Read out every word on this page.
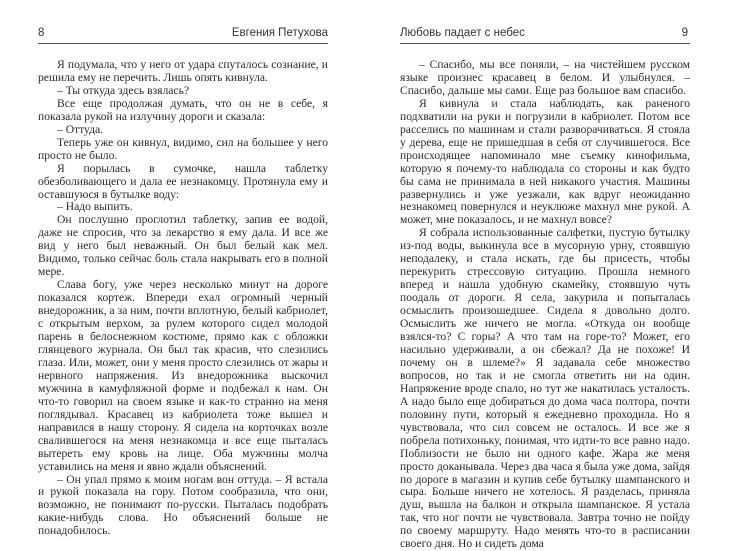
8	Евгения Петухова

Я подумала, что у него от удара спуталось сознание, и решила ему не перечить. Лишь опять кивнула.

– Ты откуда здесь взялась?

Все еще продолжая думать, что он не в себе, я показала рукой на излучину дороги и сказала:

– Оттуда.

Теперь уже он кивнул, видимо, сил на большее у него просто не было.

Я порылась в сумочке, нашла таблетку обезболивающего и дала ее незнакомцу. Протянула ему и оставшуюся в бутылке воду:

– Надо выпить.

Он послушно проглотил таблетку, запив ее водой, даже не спросив, что за лекарство я ему дала. И все же вид у него был неважный. Он был белый как мел. Видимо, только сейчас боль стала накрывать его в полной мере.

Слава богу, уже через несколько минут на дороге показался кортеж. Впереди ехал огромный черный внедорожник, а за ним, почти вплотную, белый кабриолет, с открытым верхом, за рулем которого сидел молодой парень в белоснежном костюме, прямо как с обложки глянцевого журнала. Он был так красив, что слезились глаза. Или, может, они у меня просто слезились от жары и нервного напряжения. Из внедорожника выскочил мужчина в камуфляжной форме и подбежал к нам. Он что-то говорил на своем языке и как-то странно на меня поглядывал. Красавец из кабриолета тоже вышел и направился в нашу сторону. Я сидела на корточках возле свалившегося на меня незнакомца и все еще пыталась вытереть ему кровь на лице. Оба мужчины молча уставились на меня и явно ждали объяснений.

– Он упал прямо к моим ногам вон оттуда. – Я встала и рукой показала на гору. Потом сообразила, что они, возможно, не понимают по-русски. Пыталась подобрать какие-нибудь слова. Но объяснений больше не понадобилось.

Любовь падает с небес	9

– Спасибо, мы все поняли, – на чистейшем русском языке произнес красавец в белом. И улыбнулся. – Спасибо, дальше мы сами. Еще раз большое вам спасибо.

Я кивнула и стала наблюдать, как раненого подхватили на руки и погрузили в кабриолет. Потом все расселись по машинам и стали разворачиваться. Я стояла у дерева, еще не пришедшая в себя от случившегося. Все происходящее напоминало мне съемку кинофильма, которую я почему-то наблюдала со стороны и как будто бы сама не принимала в ней никакого участия. Машины развернулись и уже уезжали, как вдруг неожиданно незнакомец повернулся и неуклюже махнул мне рукой. А может, мне показалось, и не махнул вовсе?

Я собрала использованные салфетки, пустую бутылку из-под воды, выкинула все в мусорную урну, стоявшую неподалеку, и стала искать, где бы присесть, чтобы перекурить стрессовую ситуацию. Прошла немного вперед и нашла удобную скамейку, стоявшую чуть поодаль от дороги. Я села, закурила и попыталась осмыслить произошедшее. Сидела я довольно долго. Осмыслить же ничего не могла. «Откуда он вообще взялся-то? С горы? А что там на горе-то? Может, его насильно удерживали, а он сбежал? Да не похоже! И почему он в шлеме?» Я задавала себе множество вопросов, но так и не смогла ответить ни на один. Напряжение вроде спало, но тут же накатилась усталость. А надо было еще добираться до дома часа полтора, почти половину пути, который я ежедневно проходила. Но я чувствовала, что сил совсем не осталось. И все же я побрела потихоньку, понимая, что идти-то все равно надо. Поблизости не было ни одного кафе. Жара же меня просто доканывала. Через два часа я была уже дома, зайдя по дороге в магазин и купив себе бутылку шампанского и сыра. Больше ничего не хотелось. Я разделась, приняла душ, вышла на балкон и открыла шампанское. Я устала так, что ног почти не чувствовала. Завтра точно не пойду по своему маршруту. Надо менять что-то в расписании своего дня. Но и сидеть дома
